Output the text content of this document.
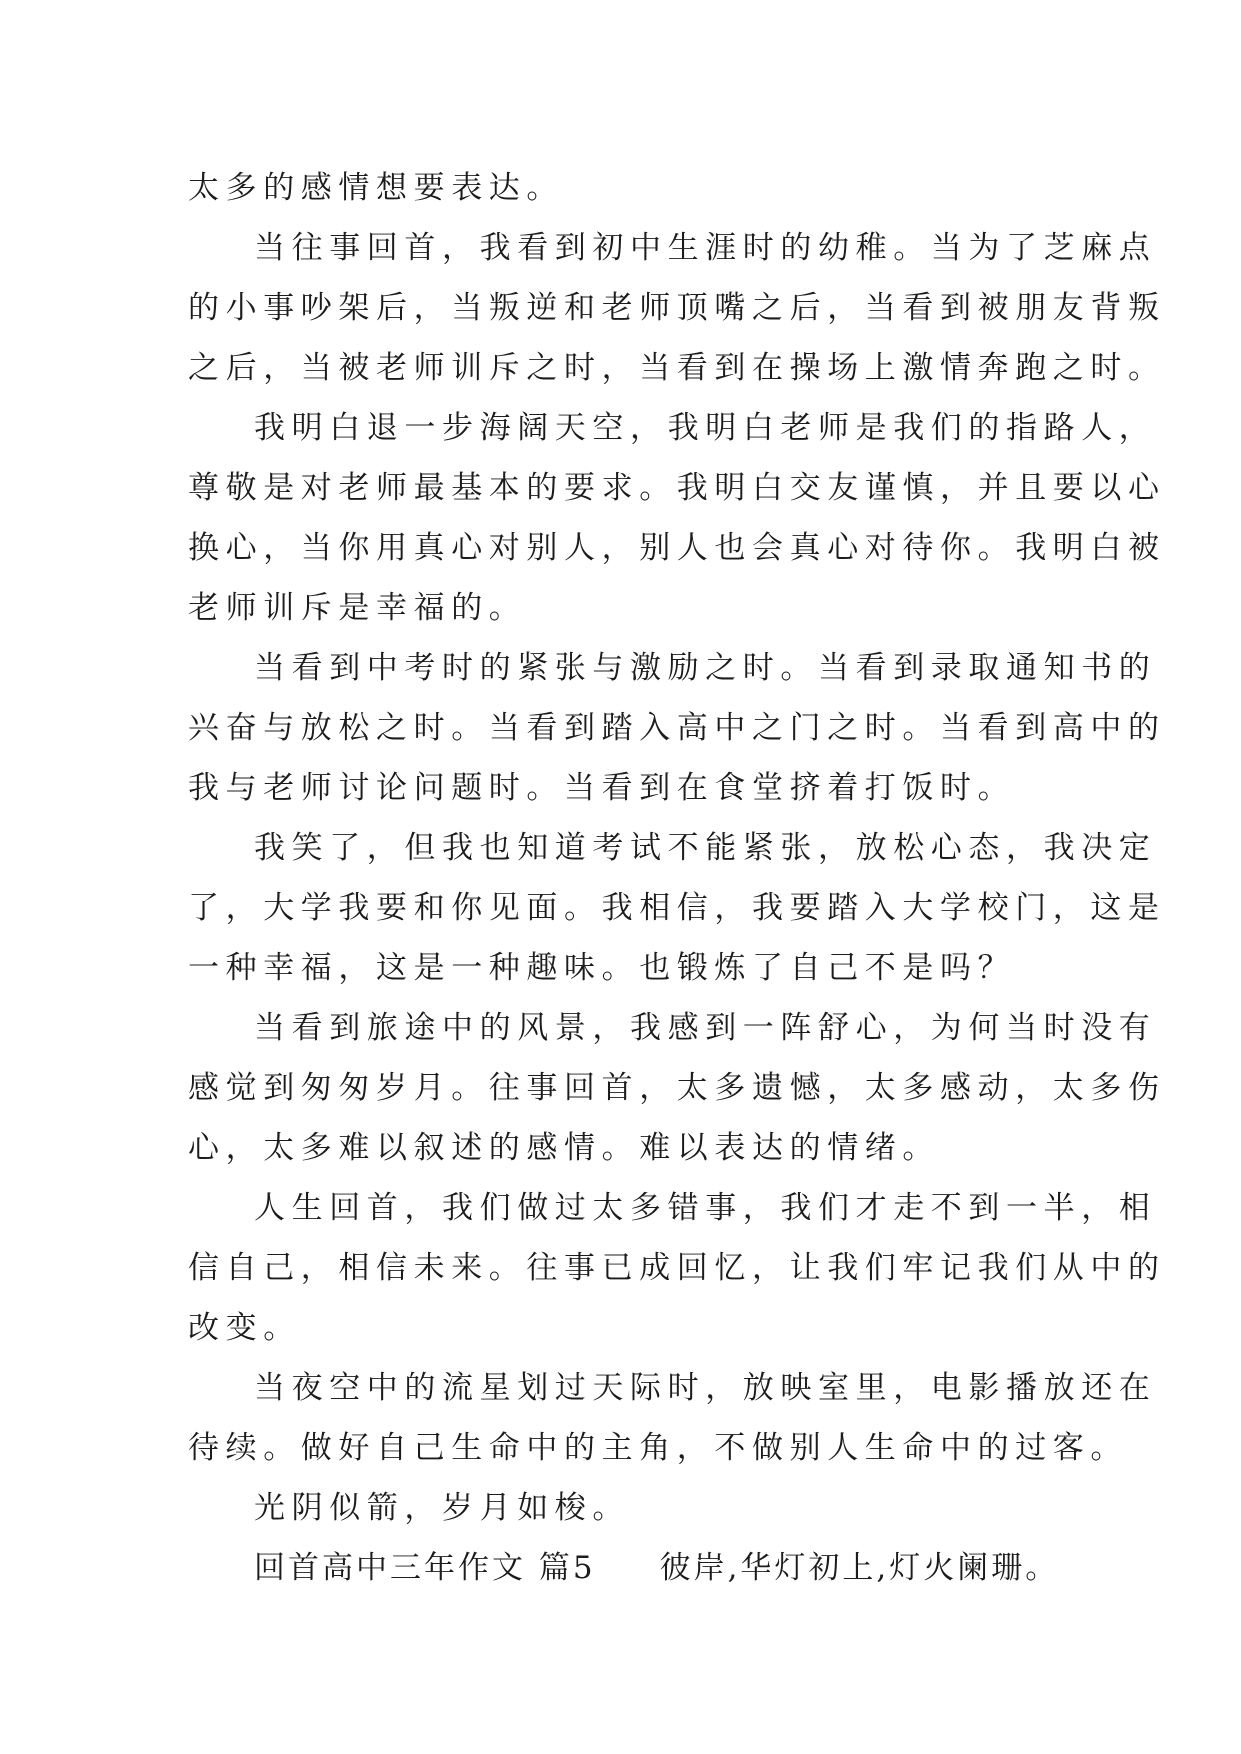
太多的感情想要表达。
当往事回首，我看到初中生涯时的幼稚。当为了芝麻点
的小事吵架后，当叛逆和老师顶嘴之后，当看到被朋友背叛
之后，当被老师训斥之时，当看到在操场上激情奔跑之时。
我明白退一步海阔天空，我明白老师是我们的指路人，
尊敬是对老师最基本的要求。我明白交友谨慎，并且要以心
换心，当你用真心对别人，别人也会真心对待你。我明白被
老师训斥是幸福的。
当看到中考时的紧张与激励之时。当看到录取通知书的
兴奋与放松之时。当看到踏入高中之门之时。当看到高中的
我与老师讨论问题时。当看到在食堂挤着打饭时。
我笑了，但我也知道考试不能紧张，放松心态，我决定
了，大学我要和你见面。我相信，我要踏入大学校门，这是
一种幸福，这是一种趣味。也锻炼了自己不是吗？
当看到旅途中的风景，我感到一阵舒心，为何当时没有
感觉到匆匆岁月。往事回首，太多遗憾，太多感动，太多伤
心，太多难以叙述的感情。难以表达的情绪。
人生回首，我们做过太多错事，我们才走不到一半，相
信自己，相信未来。往事已成回忆，让我们牢记我们从中的
改变。
当夜空中的流星划过天际时，放映室里，电影播放还在
待续。做好自己生命中的主角，不做别人生命中的过客。
光阴似箭，岁月如梭。
回首高中三年作文 篇5 彼岸,华灯初上,灯火阑珊。
